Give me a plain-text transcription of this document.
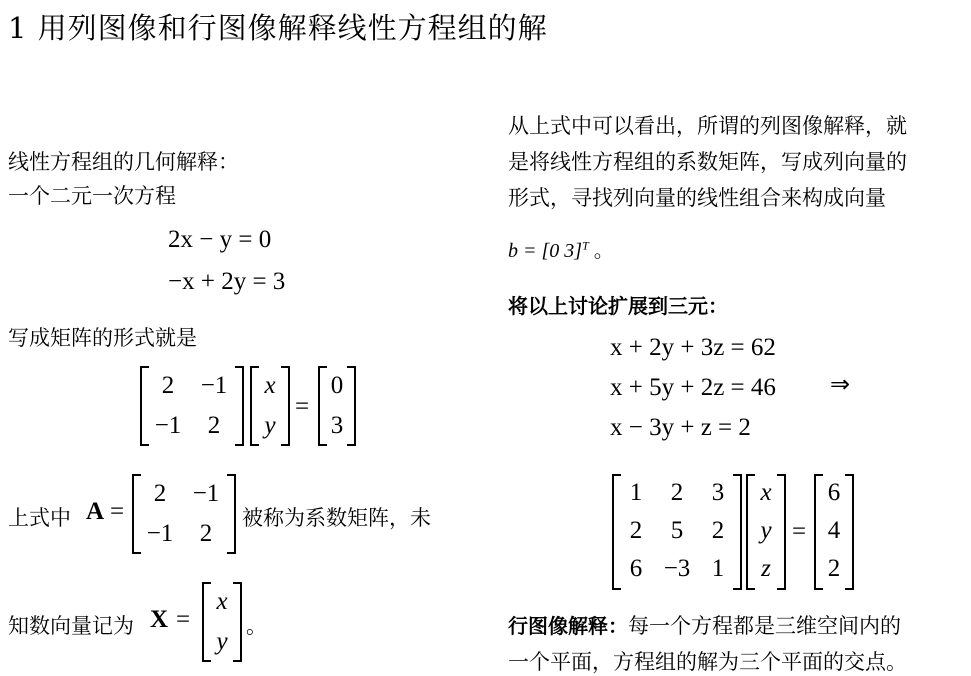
1 用列图像和行图像解释线性方程组的解
线性方程组的几何解释：
一个二元一次方程
2x − y = 0
−x + 2y = 3
写成矩阵的形式就是
2	−1
−1	2
x
y
=
0
3
上式中 A =
2	−1
−1	2
被称为系数矩阵，未
知数向量记为 X =
x
y
。
从上式中可以看出，所谓的列图像解释，就
是将线性方程组的系数矩阵，写成列向量的
形式，寻找列向量的线性组合来构成向量
b = [0 3]$^T$ 。
将以上讨论扩展到三元：
x + 2y + 3z = 62
x + 5y + 2z = 46
x − 3y + z = 2
⇒
1	2	3
2	5	2
6 −3 1
x
y
z
=
6
4
2
行图像解释：每一个方程都是三维空间内的
一个平面，方程组的解为三个平面的交点。
